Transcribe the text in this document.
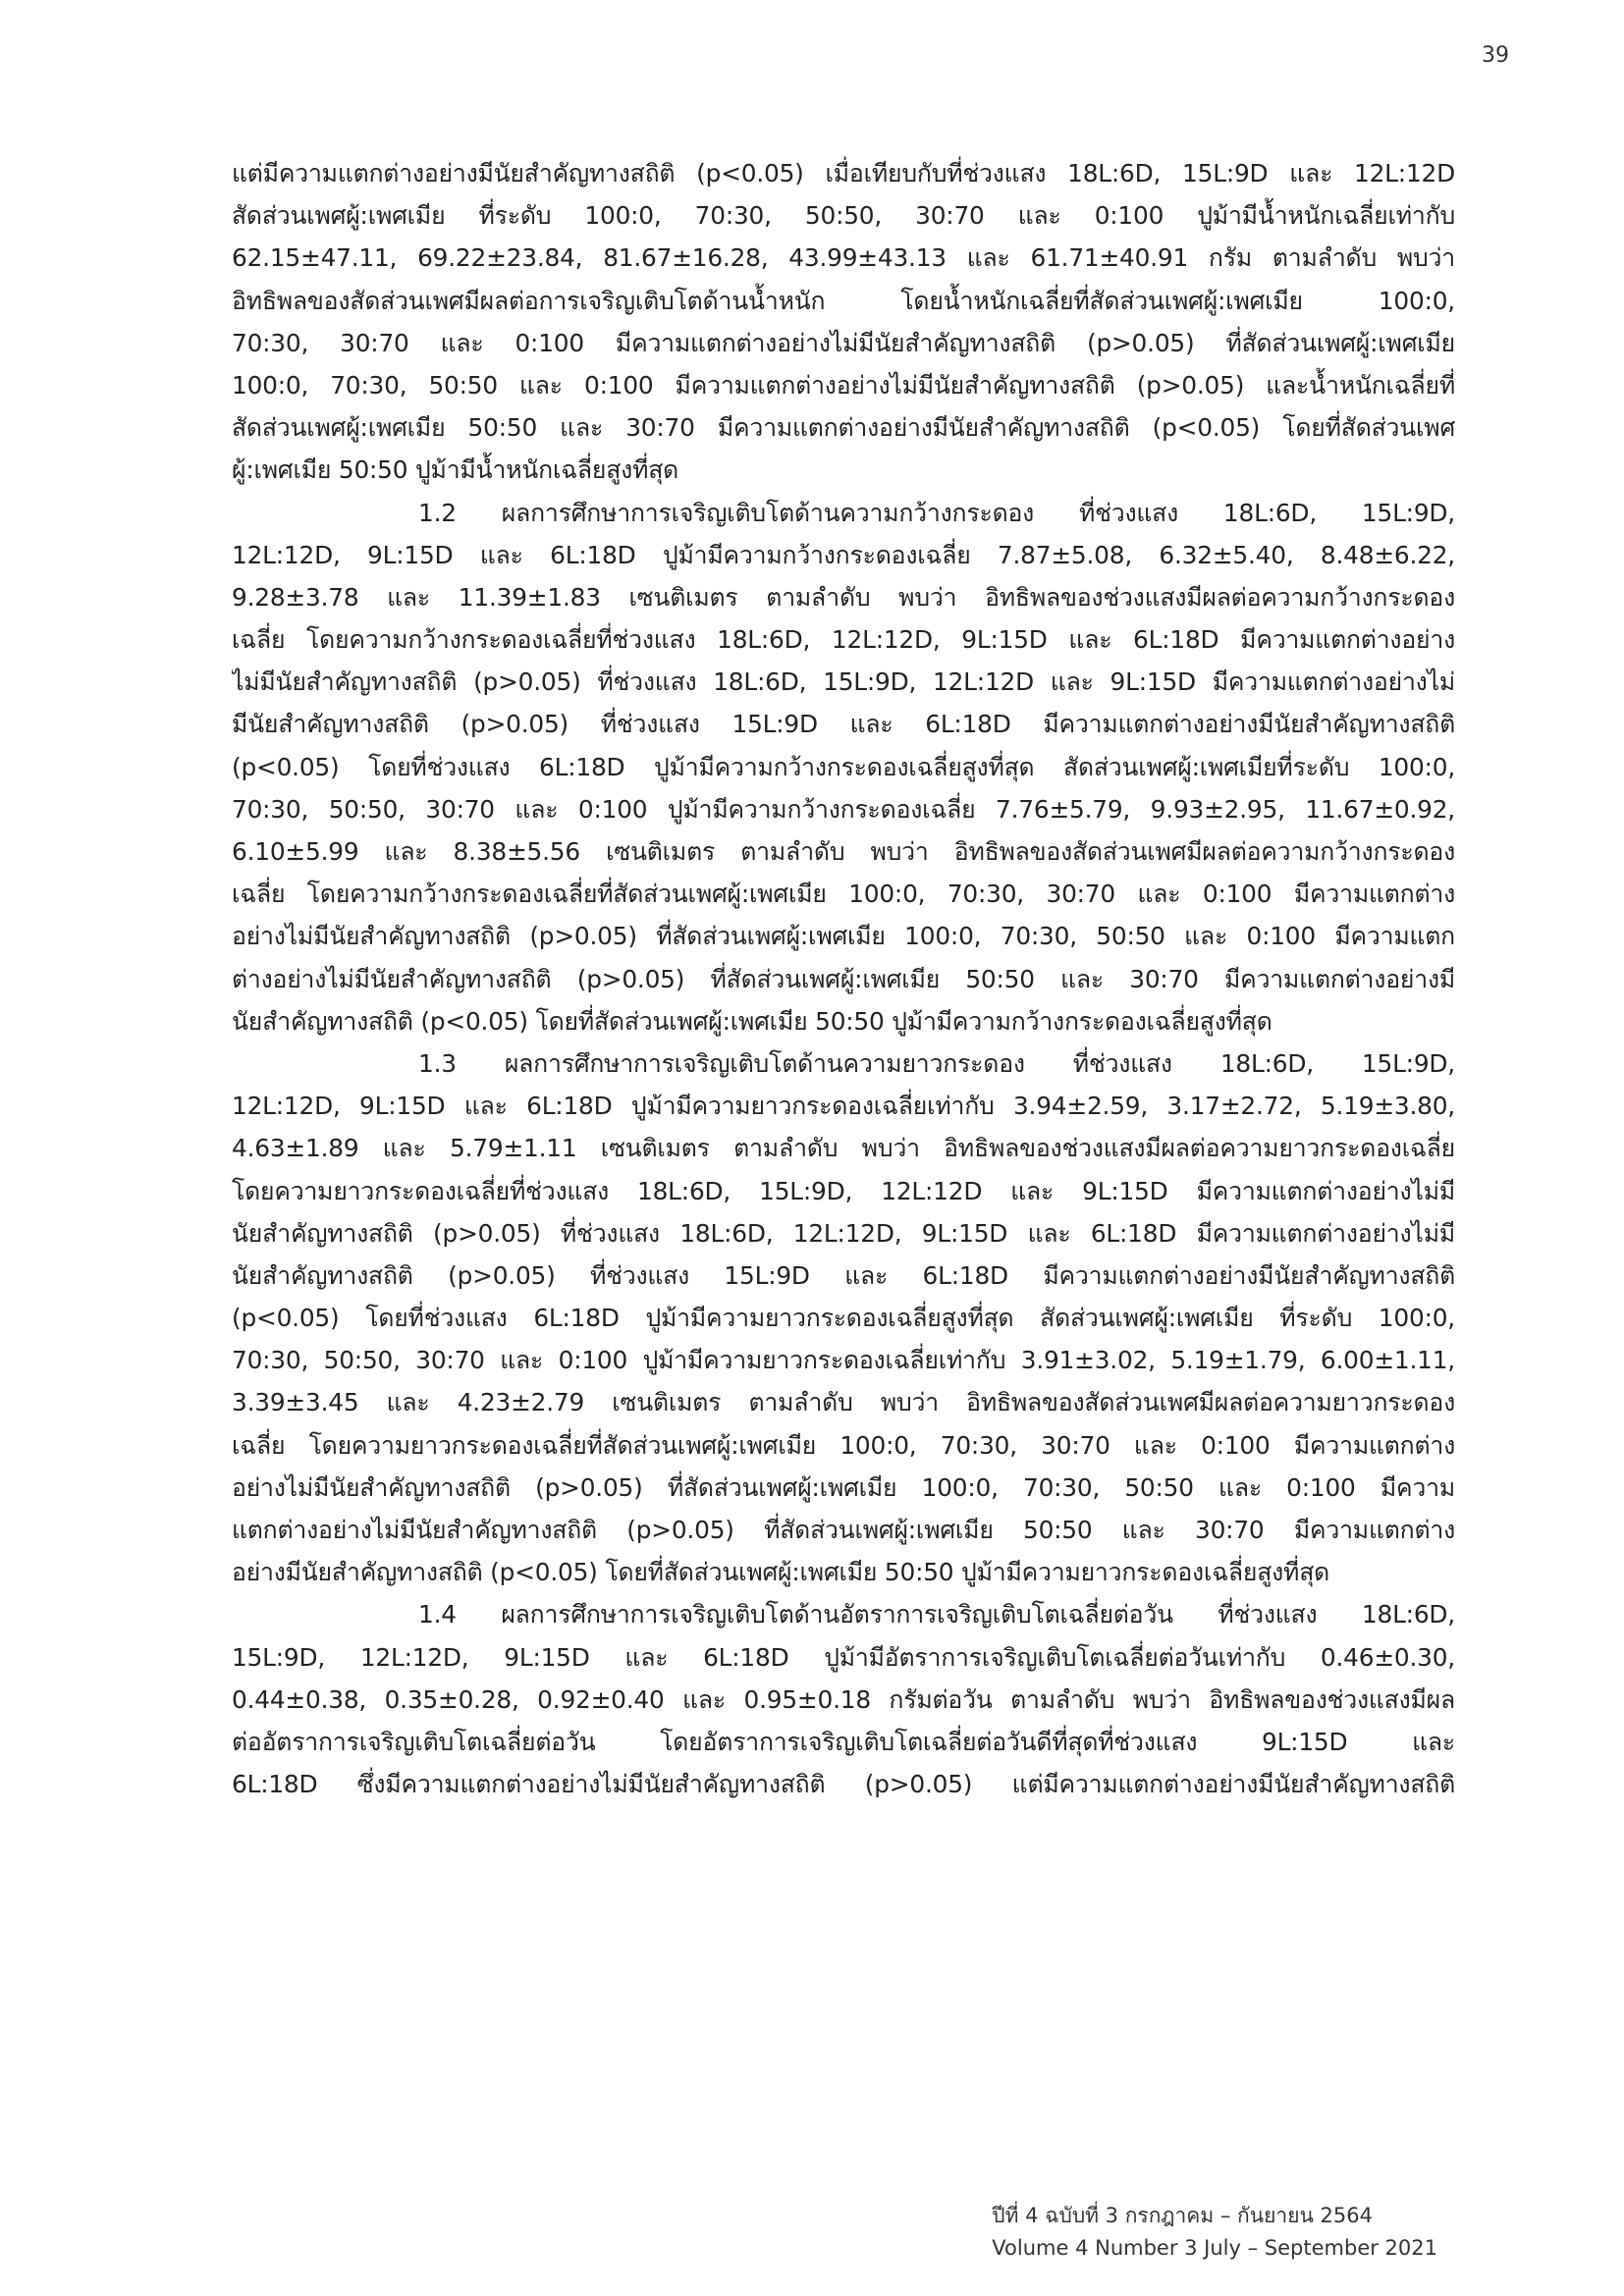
39
แต่มีความแตกต่างอย่างมีนัยสำคัญทางสถิติ (p<0.05) เมื่อเทียบกับที่ช่วงแสง 18L:6D, 15L:9D และ 12L:12D
สัดส่วนเพศผู้:เพศเมีย ที่ระดับ 100:0, 70:30, 50:50, 30:70 และ 0:100 ปูม้ามีน้ำหนักเฉลี่ยเท่ากับ
62.15±47.11, 69.22±23.84, 81.67±16.28, 43.99±43.13 และ 61.71±40.91 กรัม ตามลำดับ พบว่า
อิทธิพลของสัดส่วนเพศมีผลต่อการเจริญเติบโตด้านน้ำหนัก โดยน้ำหนักเฉลี่ยที่สัดส่วนเพศผู้:เพศเมีย 100:0,
70:30, 30:70 และ 0:100 มีความแตกต่างอย่างไม่มีนัยสำคัญทางสถิติ (p>0.05) ที่สัดส่วนเพศผู้:เพศเมีย
100:0, 70:30, 50:50 และ 0:100 มีความแตกต่างอย่างไม่มีนัยสำคัญทางสถิติ (p>0.05) และน้ำหนักเฉลี่ยที่
สัดส่วนเพศผู้:เพศเมีย 50:50 และ 30:70 มีความแตกต่างอย่างมีนัยสำคัญทางสถิติ (p<0.05) โดยที่สัดส่วนเพศ
ผู้:เพศเมีย 50:50 ปูม้ามีน้ำหนักเฉลี่ยสูงที่สุด
1.2 ผลการศึกษาการเจริญเติบโตด้านความกว้างกระดอง ที่ช่วงแสง 18L:6D, 15L:9D,
12L:12D, 9L:15D และ 6L:18D ปูม้ามีความกว้างกระดองเฉลี่ย 7.87±5.08, 6.32±5.40, 8.48±6.22,
9.28±3.78 และ 11.39±1.83 เซนติเมตร ตามลำดับ พบว่า อิทธิพลของช่วงแสงมีผลต่อความกว้างกระดอง
เฉลี่ย โดยความกว้างกระดองเฉลี่ยที่ช่วงแสง 18L:6D, 12L:12D, 9L:15D และ 6L:18D มีความแตกต่างอย่าง
ไม่มีนัยสำคัญทางสถิติ (p>0.05) ที่ช่วงแสง 18L:6D, 15L:9D, 12L:12D และ 9L:15D มีความแตกต่างอย่างไม่
มีนัยสำคัญทางสถิติ (p>0.05) ที่ช่วงแสง 15L:9D และ 6L:18D มีความแตกต่างอย่างมีนัยสำคัญทางสถิติ
(p<0.05) โดยที่ช่วงแสง 6L:18D ปูม้ามีความกว้างกระดองเฉลี่ยสูงที่สุด สัดส่วนเพศผู้:เพศเมียที่ระดับ 100:0,
70:30, 50:50, 30:70 และ 0:100 ปูม้ามีความกว้างกระดองเฉลี่ย 7.76±5.79, 9.93±2.95, 11.67±0.92,
6.10±5.99 และ 8.38±5.56 เซนติเมตร ตามลำดับ พบว่า อิทธิพลของสัดส่วนเพศมีผลต่อความกว้างกระดอง
เฉลี่ย โดยความกว้างกระดองเฉลี่ยที่สัดส่วนเพศผู้:เพศเมีย 100:0, 70:30, 30:70 และ 0:100 มีความแตกต่าง
อย่างไม่มีนัยสำคัญทางสถิติ (p>0.05) ที่สัดส่วนเพศผู้:เพศเมีย 100:0, 70:30, 50:50 และ 0:100 มีความแตก
ต่างอย่างไม่มีนัยสำคัญทางสถิติ (p>0.05) ที่สัดส่วนเพศผู้:เพศเมีย 50:50 และ 30:70 มีความแตกต่างอย่างมี
นัยสำคัญทางสถิติ (p<0.05) โดยที่สัดส่วนเพศผู้:เพศเมีย 50:50 ปูม้ามีความกว้างกระดองเฉลี่ยสูงที่สุด
1.3 ผลการศึกษาการเจริญเติบโตด้านความยาวกระดอง ที่ช่วงแสง 18L:6D, 15L:9D,
12L:12D, 9L:15D และ 6L:18D ปูม้ามีความยาวกระดองเฉลี่ยเท่ากับ 3.94±2.59, 3.17±2.72, 5.19±3.80,
4.63±1.89 และ 5.79±1.11 เซนติเมตร ตามลำดับ พบว่า อิทธิพลของช่วงแสงมีผลต่อความยาวกระดองเฉลี่ย
โดยความยาวกระดองเฉลี่ยที่ช่วงแสง 18L:6D, 15L:9D, 12L:12D และ 9L:15D มีความแตกต่างอย่างไม่มี
นัยสำคัญทางสถิติ (p>0.05) ที่ช่วงแสง 18L:6D, 12L:12D, 9L:15D และ 6L:18D มีความแตกต่างอย่างไม่มี
นัยสำคัญทางสถิติ (p>0.05) ที่ช่วงแสง 15L:9D และ 6L:18D มีความแตกต่างอย่างมีนัยสำคัญทางสถิติ
(p<0.05) โดยที่ช่วงแสง 6L:18D ปูม้ามีความยาวกระดองเฉลี่ยสูงที่สุด สัดส่วนเพศผู้:เพศเมีย ที่ระดับ 100:0,
70:30, 50:50, 30:70 และ 0:100 ปูม้ามีความยาวกระดองเฉลี่ยเท่ากับ 3.91±3.02, 5.19±1.79, 6.00±1.11,
3.39±3.45 และ 4.23±2.79 เซนติเมตร ตามลำดับ พบว่า อิทธิพลของสัดส่วนเพศมีผลต่อความยาวกระดอง
เฉลี่ย โดยความยาวกระดองเฉลี่ยที่สัดส่วนเพศผู้:เพศเมีย 100:0, 70:30, 30:70 และ 0:100 มีความแตกต่าง
อย่างไม่มีนัยสำคัญทางสถิติ (p>0.05) ที่สัดส่วนเพศผู้:เพศเมีย 100:0, 70:30, 50:50 และ 0:100 มีความ
แตกต่างอย่างไม่มีนัยสำคัญทางสถิติ (p>0.05) ที่สัดส่วนเพศผู้:เพศเมีย 50:50 และ 30:70 มีความแตกต่าง
อย่างมีนัยสำคัญทางสถิติ (p<0.05) โดยที่สัดส่วนเพศผู้:เพศเมีย 50:50 ปูม้ามีความยาวกระดองเฉลี่ยสูงที่สุด
1.4 ผลการศึกษาการเจริญเติบโตด้านอัตราการเจริญเติบโตเฉลี่ยต่อวัน ที่ช่วงแสง 18L:6D,
15L:9D, 12L:12D, 9L:15D และ 6L:18D ปูม้ามีอัตราการเจริญเติบโตเฉลี่ยต่อวันเท่ากับ 0.46±0.30,
0.44±0.38, 0.35±0.28, 0.92±0.40 และ 0.95±0.18 กรัมต่อวัน ตามลำดับ พบว่า อิทธิพลของช่วงแสงมีผล
ต่ออัตราการเจริญเติบโตเฉลี่ยต่อวัน โดยอัตราการเจริญเติบโตเฉลี่ยต่อวันดีที่สุดที่ช่วงแสง 9L:15D และ
6L:18D ซึ่งมีความแตกต่างอย่างไม่มีนัยสำคัญทางสถิติ (p>0.05) แต่มีความแตกต่างอย่างมีนัยสำคัญทางสถิติ
ปีที่ 4 ฉบับที่ 3 กรกฎาคม – กันยายน 2564
Volume 4 Number 3 July – September 2021
